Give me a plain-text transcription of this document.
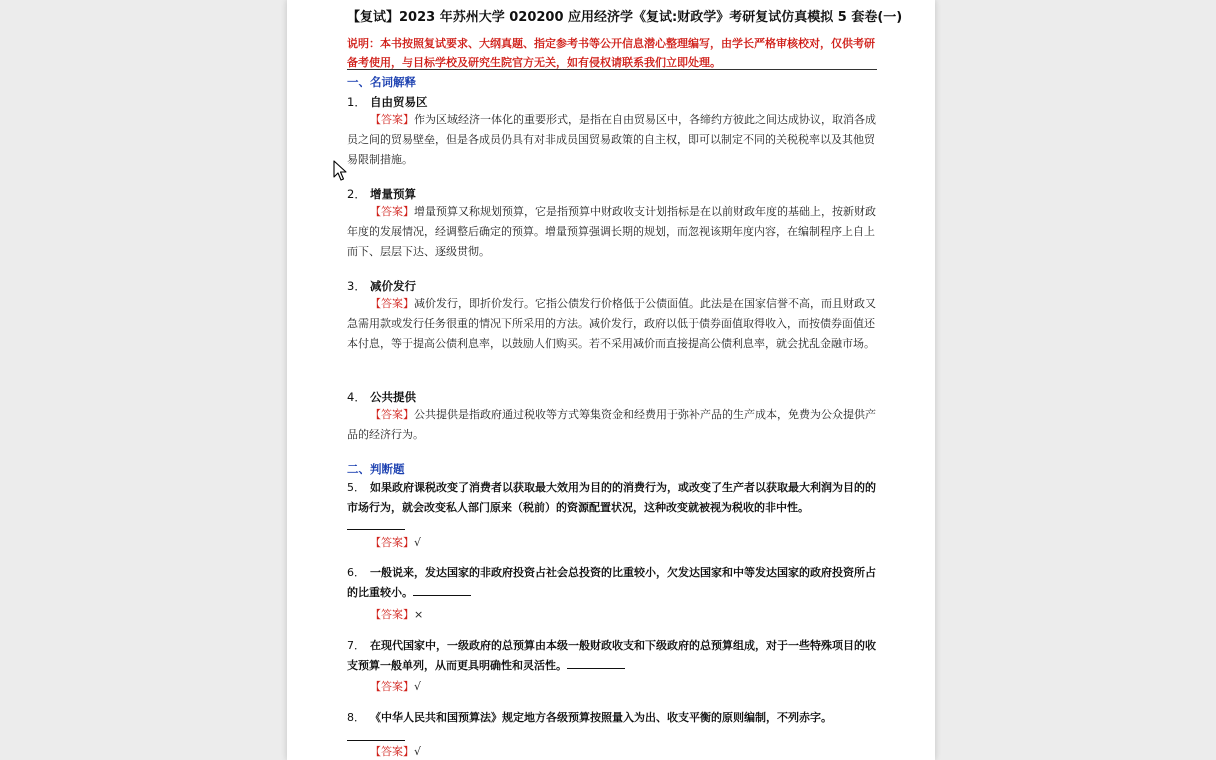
【复试】2023 年苏州大学 020200 应用经济学《复试:财政学》考研复试仿真模拟 5 套卷(一)
说明：本书按照复试要求、大纲真题、指定参考书等公开信息潜心整理编写，由学长严格审核校对，仅供考研备考使用，与目标学校及研究生院官方无关，如有侵权请联系我们立即处理。
一、名词解释
1． 自由贸易区
【答案】作为区域经济一体化的重要形式，是指在自由贸易区中，各缔约方彼此之间达成协议，取消各成员之间的贸易壁垒，但是各成员仍具有对非成员国贸易政策的自主权，即可以制定不同的关税税率以及其他贸易限制措施。
2． 增量预算
【答案】增量预算又称规划预算，它是指预算中财政收支计划指标是在以前财政年度的基础上，按新财政年度的发展情况，经调整后确定的预算。增量预算强调长期的规划，而忽视该期年度内容，在编制程序上自上而下、层层下达、逐级贯彻。
3． 减价发行
【答案】减价发行，即折价发行。它指公债发行价格低于公债面值。此法是在国家信誉不高，而且财政又急需用款或发行任务很重的情况下所采用的方法。减价发行，政府以低于债券面值取得收入，而按债券面值还本付息，等于提高公债利息率，以鼓励人们购买。若不采用减价而直接提高公债利息率，就会扰乱金融市场。
4． 公共提供
【答案】公共提供是指政府通过税收等方式筹集资金和经费用于弥补产品的生产成本，免费为公众提供产品的经济行为。
二、判断题
5． 如果政府课税改变了消费者以获取最大效用为目的的消费行为，或改变了生产者以获取最大利润为目的的市场行为，就会改变私人部门原来（税前）的资源配置状况，这种改变就被视为税收的非中性。

【答案】√
6． 一般说来，发达国家的非政府投资占社会总投资的比重较小，欠发达国家和中等发达国家的政府投资所占的比重较小。
【答案】×
7． 在现代国家中，一级政府的总预算由本级一般财政收支和下级政府的总预算组成，对于一些特殊项目的收支预算一般单列，从而更具明确性和灵活性。
【答案】√
8． 《中华人民共和国预算法》规定地方各级预算按照量入为出、收支平衡的原则编制，不列赤字。

【答案】√
